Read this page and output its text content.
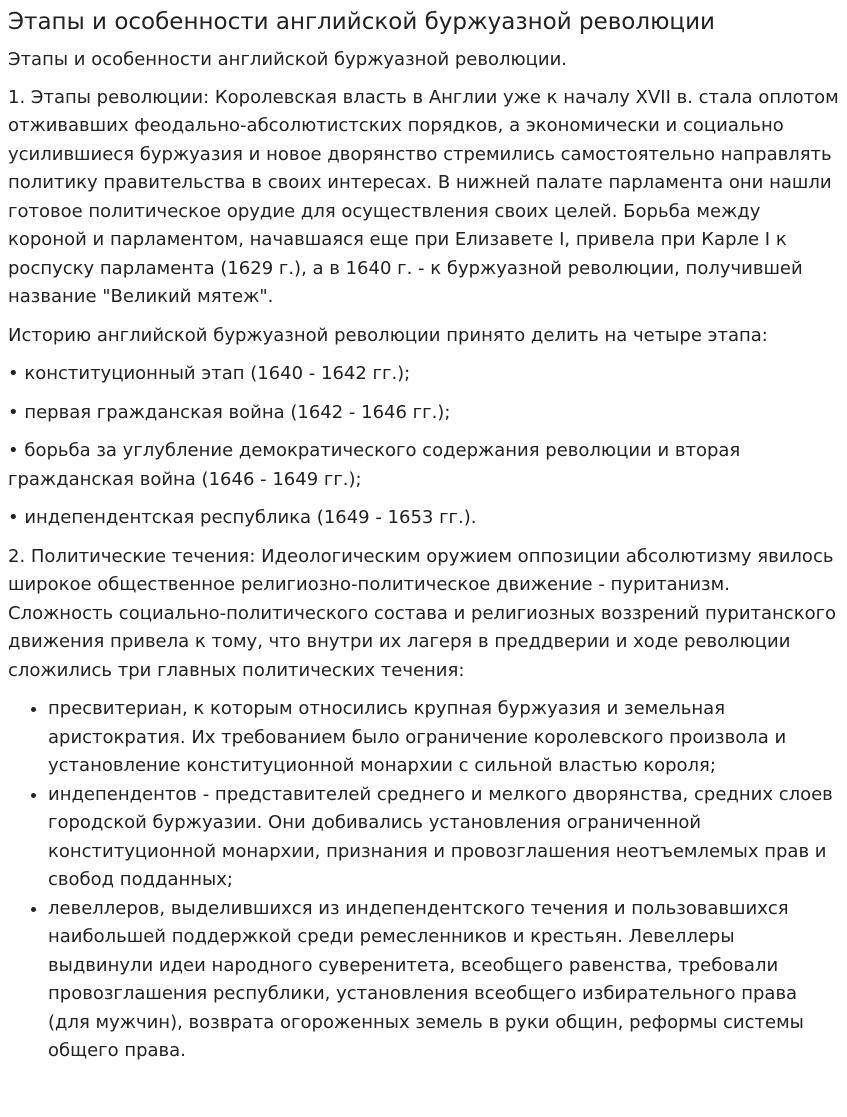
Этапы и особенности английской буржуазной революции

Этапы и особенности английской буржуазной революции.

1. Этапы революции: Королевская власть в Англии уже к началу XVII в. стала оплотом отживавших феодально-абсолютистских порядков, а экономически и социально усилившиеся буржуазия и новое дворянство стремились самостоятельно направлять политику правительства в своих интересах. В нижней палате парламента они нашли готовое политическое орудие для осуществления своих целей. Борьба между короной и парламентом, начавшаяся еще при Елизавете I, привела при Карле I к роспуску парламента (1629 г.), а в 1640 г. - к буржуазной революции, получившей название "Великий мятеж".

Историю английской буржуазной революции принято делить на четыре этапа:

• конституционный этап (1640 - 1642 гг.);

• первая гражданская война (1642 - 1646 гг.);

• борьба за углубление демократического содержания революции и вторая гражданская война (1646 - 1649 гг.);

• индепендентская республика (1649 - 1653 гг.).

2. Политические течения: Идеологическим оружием оппозиции абсолютизму явилось широкое общественное религиозно-политическое движение - пуританизм. Сложность социально-политического состава и религиозных воззрений пуританского движения привела к тому, что внутри их лагеря в преддверии и ходе революции сложились три главных политических течения:

• пресвитериан, к которым относились крупная буржуазия и земельная аристократия. Их требованием было ограничение королевского произвола и установление конституционной монархии с сильной властью короля;
• индепендентов - представителей среднего и мелкого дворянства, средних слоев городской буржуазии. Они добивались установления ограниченной конституционной монархии, признания и провозглашения неотъемлемых прав и свобод подданных;
• левеллеров, выделившихся из индепендентского течения и пользовавшихся наибольшей поддержкой среди ремесленников и крестьян. Левеллеры выдвинули идеи народного суверенитета, всеобщего равенства, требовали провозглашения республики, установления всеобщего избирательного права (для мужчин), возврата огороженных земель в руки общин, реформы системы общего права.
